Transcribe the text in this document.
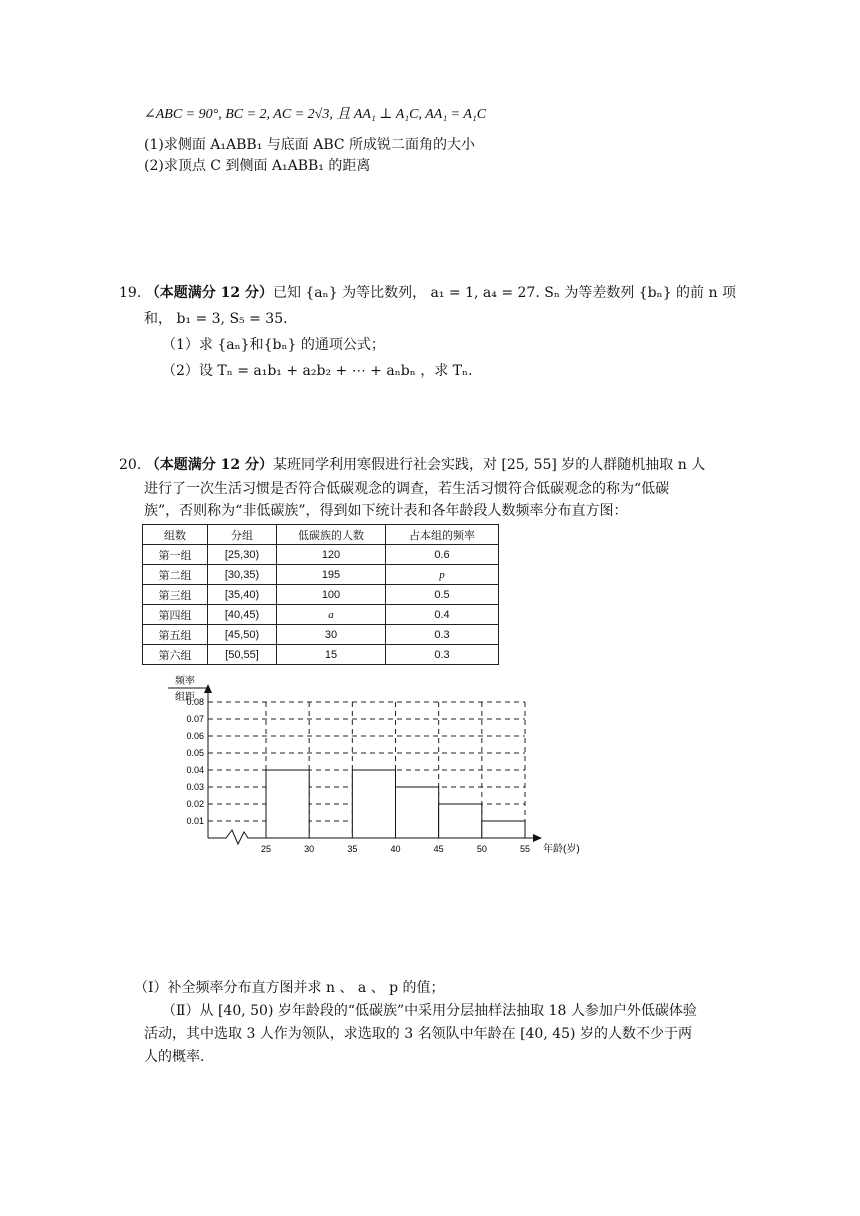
∠ABC = 90°, BC = 2, AC = 2√3, 且 AA₁ ⊥ A₁C, AA₁ = A₁C
(1)求侧面 A₁ABB₁ 与底面 ABC 所成锐二面角的大小
(2)求顶点 C 到侧面 A₁ABB₁ 的距离
19. （本题满分 12 分）已知 {aₙ} 为等比数列， a₁ = 1, a₄ = 27. Sₙ 为等差数列 {bₙ} 的前 n 项
和， b₁ = 3, S₅ = 35.
（1）求 {aₙ}和{bₙ} 的通项公式；
（2）设 Tₙ = a₁b₁ + a₂b₂ + ⋯ + aₙbₙ ，求 Tₙ.
20. （本题满分 12 分）某班同学利用寒假进行社会实践，对 [25, 55] 岁的人群随机抽取 n 人
进行了一次生活习惯是否符合低碳观念的调查，若生活习惯符合低碳观念的称为“低碳
族”，否则称为“非低碳族”，得到如下统计表和各年龄段人数频率分布直方图：
组数	分组	低碳族的人数	占本组的频率
第一组	[25,30)	120	0.6
第二组	[30,35)	195	p
第三组	[35,40)	100	0.5
第四组	[40,45)	a	0.4
第五组	[45,50)	30	0.3
第六组	[50,55]	15	0.3
频率
组距
年龄(岁)
0.01
0.02
0.03
0.04
0.05
0.06
0.07
0.08
25	30	35	40	45	50	55
（Ⅰ）补全频率分布直方图并求 n 、 a 、 p 的值；
（Ⅱ）从 [40, 50) 岁年龄段的“低碳族”中采用分层抽样法抽取 18 人参加户外低碳体验
活动，其中选取 3 人作为领队，求选取的 3 名领队中年龄在 [40, 45) 岁的人数不少于两
人的概率.
